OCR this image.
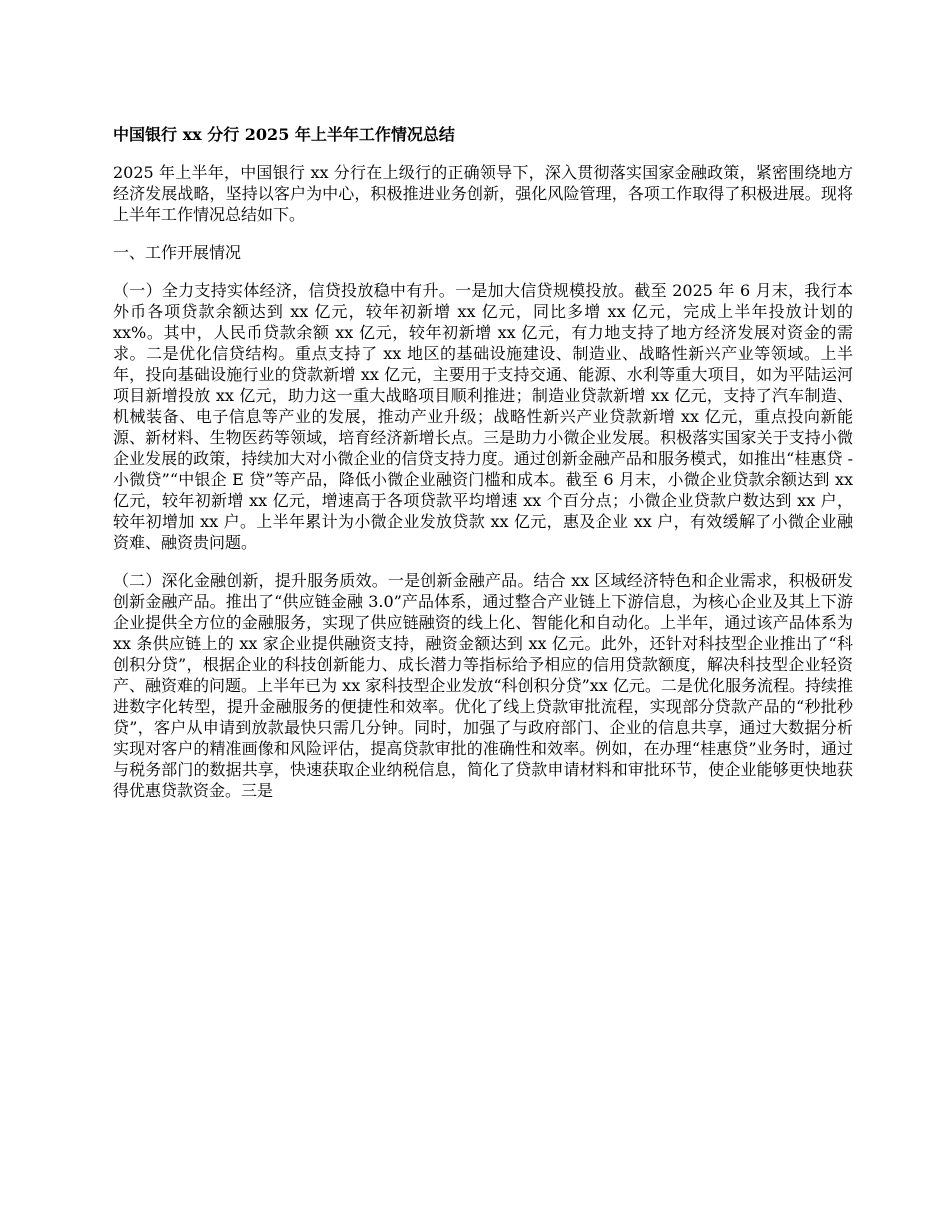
中国银行 xx 分行 2025 年上半年工作情况总结

2025 年上半年，中国银行 xx 分行在上级行的正确领导下，深入贯彻落实国家金融政策，紧密围绕地方经济发展战略，坚持以客户为中心，积极推进业务创新，强化风险管理，各项工作取得了积极进展。现将上半年工作情况总结如下。

一、工作开展情况

（一）全力支持实体经济，信贷投放稳中有升。一是加大信贷规模投放。截至 2025 年 6 月末，我行本外币各项贷款余额达到 xx 亿元，较年初新增 xx 亿元，同比多增 xx 亿元，完成上半年投放计划的 xx%。其中，人民币贷款余额 xx 亿元，较年初新增 xx 亿元，有力地支持了地方经济发展对资金的需求。二是优化信贷结构。重点支持了 xx 地区的基础设施建设、制造业、战略性新兴产业等领域。上半年，投向基础设施行业的贷款新增 xx 亿元，主要用于支持交通、能源、水利等重大项目，如为平陆运河项目新增投放 xx 亿元，助力这一重大战略项目顺利推进；制造业贷款新增 xx 亿元，支持了汽车制造、机械装备、电子信息等产业的发展，推动产业升级；战略性新兴产业贷款新增 xx 亿元，重点投向新能源、新材料、生物医药等领域，培育经济新增长点。三是助力小微企业发展。积极落实国家关于支持小微企业发展的政策，持续加大对小微企业的信贷支持力度。通过创新金融产品和服务模式，如推出“桂惠贷 - 小微贷”“中银企 E 贷”等产品，降低小微企业融资门槛和成本。截至 6 月末，小微企业贷款余额达到 xx 亿元，较年初新增 xx 亿元，增速高于各项贷款平均增速 xx 个百分点；小微企业贷款户数达到 xx 户，较年初增加 xx 户。上半年累计为小微企业发放贷款 xx 亿元，惠及企业 xx 户，有效缓解了小微企业融资难、融资贵问题。

（二）深化金融创新，提升服务质效。一是创新金融产品。结合 xx 区域经济特色和企业需求，积极研发创新金融产品。推出了“供应链金融 3.0”产品体系，通过整合产业链上下游信息，为核心企业及其上下游企业提供全方位的金融服务，实现了供应链融资的线上化、智能化和自动化。上半年，通过该产品体系为 xx 条供应链上的 xx 家企业提供融资支持，融资金额达到 xx 亿元。此外，还针对科技型企业推出了“科创积分贷”，根据企业的科技创新能力、成长潜力等指标给予相应的信用贷款额度，解决科技型企业轻资产、融资难的问题。上半年已为 xx 家科技型企业发放“科创积分贷”xx 亿元。二是优化服务流程。持续推进数字化转型，提升金融服务的便捷性和效率。优化了线上贷款审批流程，实现部分贷款产品的“秒批秒贷”，客户从申请到放款最快只需几分钟。同时，加强了与政府部门、企业的信息共享，通过大数据分析实现对客户的精准画像和风险评估，提高贷款审批的准确性和效率。例如，在办理“桂惠贷”业务时，通过与税务部门的数据共享，快速获取企业纳税信息，简化了贷款申请材料和审批环节，使企业能够更快地获得优惠贷款资金。三是
